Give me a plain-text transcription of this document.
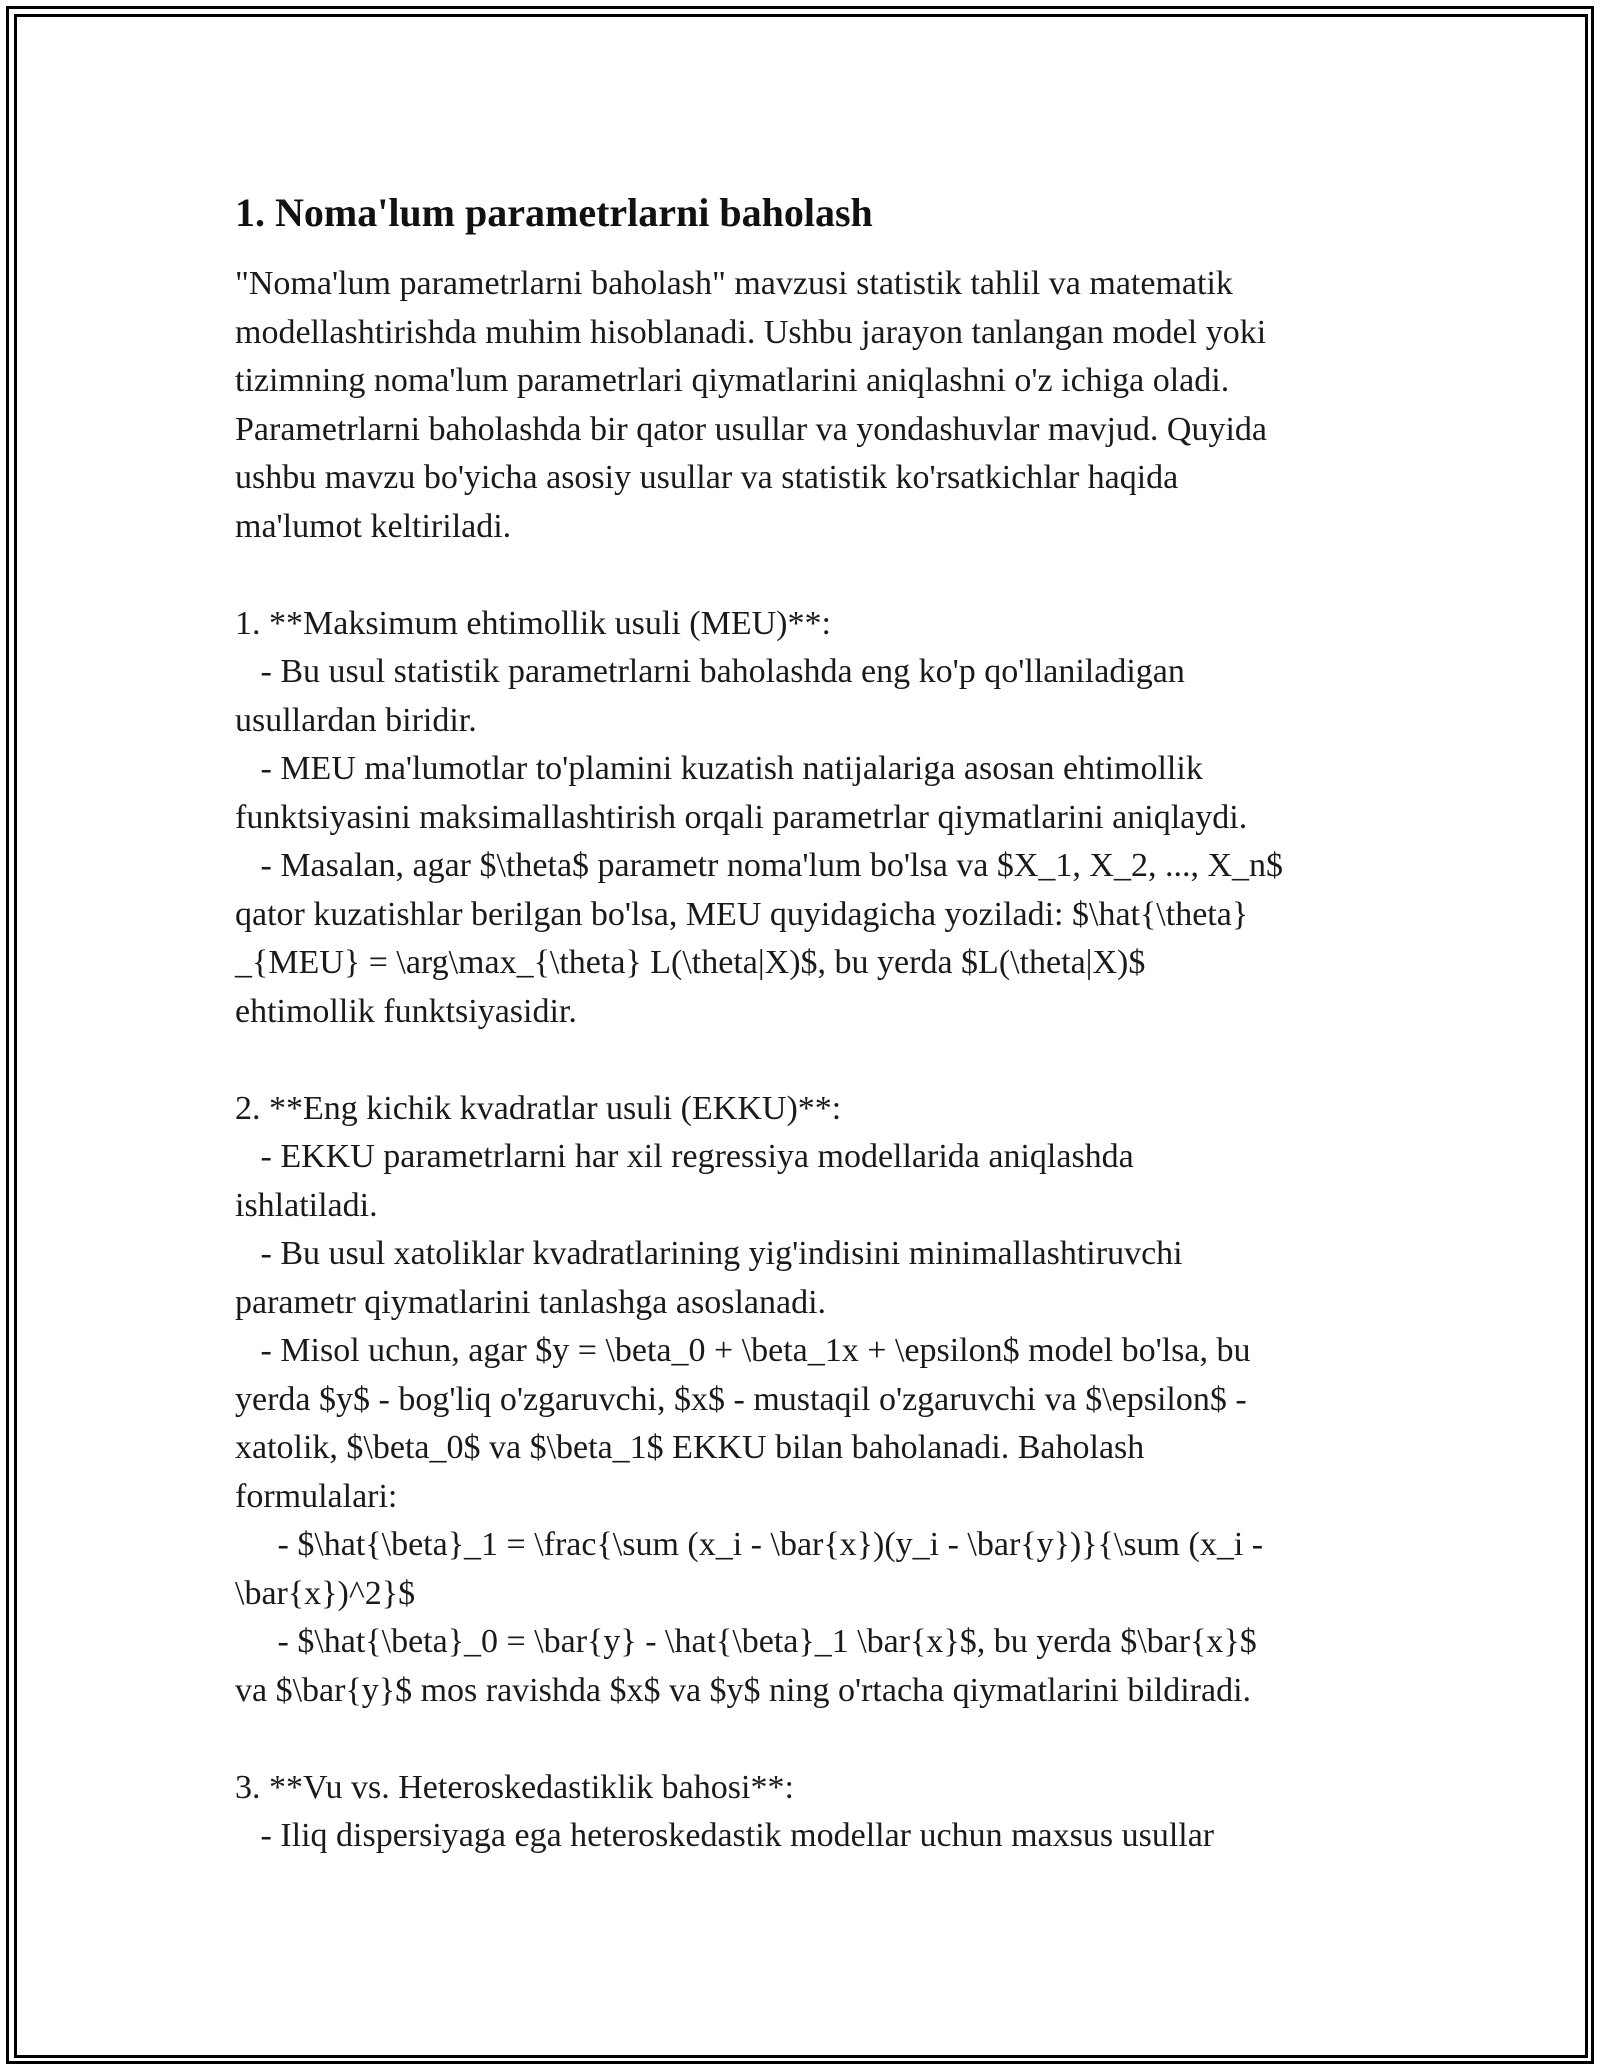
1. Noma'lum parametrlarni baholash

"Noma'lum parametrlarni baholash" mavzusi statistik tahlil va matematik
modellashtirishda muhim hisoblanadi. Ushbu jarayon tanlangan model yoki
tizimning noma'lum parametrlari qiymatlarini aniqlashni o'z ichiga oladi.
Parametrlarni baholashda bir qator usullar va yondashuvlar mavjud. Quyida
ushbu mavzu bo'yicha asosiy usullar va statistik ko'rsatkichlar haqida
ma'lumot keltiriladi.

1. **Maksimum ehtimollik usuli (MEU)**:
- Bu usul statistik parametrlarni baholashda eng ko'p qo'llaniladigan
usullardan biridir.
- MEU ma'lumotlar to'plamini kuzatish natijalariga asosan ehtimollik
funktsiyasini maksimallashtirish orqali parametrlar qiymatlarini aniqlaydi.
- Masalan, agar $\theta$ parametr noma'lum bo'lsa va $X_1, X_2, ..., X_n$
qator kuzatishlar berilgan bo'lsa, MEU quyidagicha yoziladi: $\hat{\theta}
_{MEU} = \arg\max_{\theta} L(\theta|X)$, bu yerda $L(\theta|X)$
ehtimollik funktsiyasidir.

2. **Eng kichik kvadratlar usuli (EKKU)**:
- EKKU parametrlarni har xil regressiya modellarida aniqlashda
ishlatiladi.
- Bu usul xatoliklar kvadratlarining yig'indisini minimallashtiruvchi
parametr qiymatlarini tanlashga asoslanadi.
- Misol uchun, agar $y = \beta_0 + \beta_1x + \epsilon$ model bo'lsa, bu
yerda $y$ - bog'liq o'zgaruvchi, $x$ - mustaqil o'zgaruvchi va $\epsilon$ -
xatolik, $\beta_0$ va $\beta_1$ EKKU bilan baholanadi. Baholash
formulalari:
- $\hat{\beta}_1 = \frac{\sum (x_i - \bar{x})(y_i - \bar{y})}{\sum (x_i -
\bar{x})^2}$
- $\hat{\beta}_0 = \bar{y} - \hat{\beta}_1 \bar{x}$, bu yerda $\bar{x}$
va $\bar{y}$ mos ravishda $x$ va $y$ ning o'rtacha qiymatlarini bildiradi.

3. **Vu vs. Heteroskedastiklik bahosi**:
- Iliq dispersiyaga ega heteroskedastik modellar uchun maxsus usullar
